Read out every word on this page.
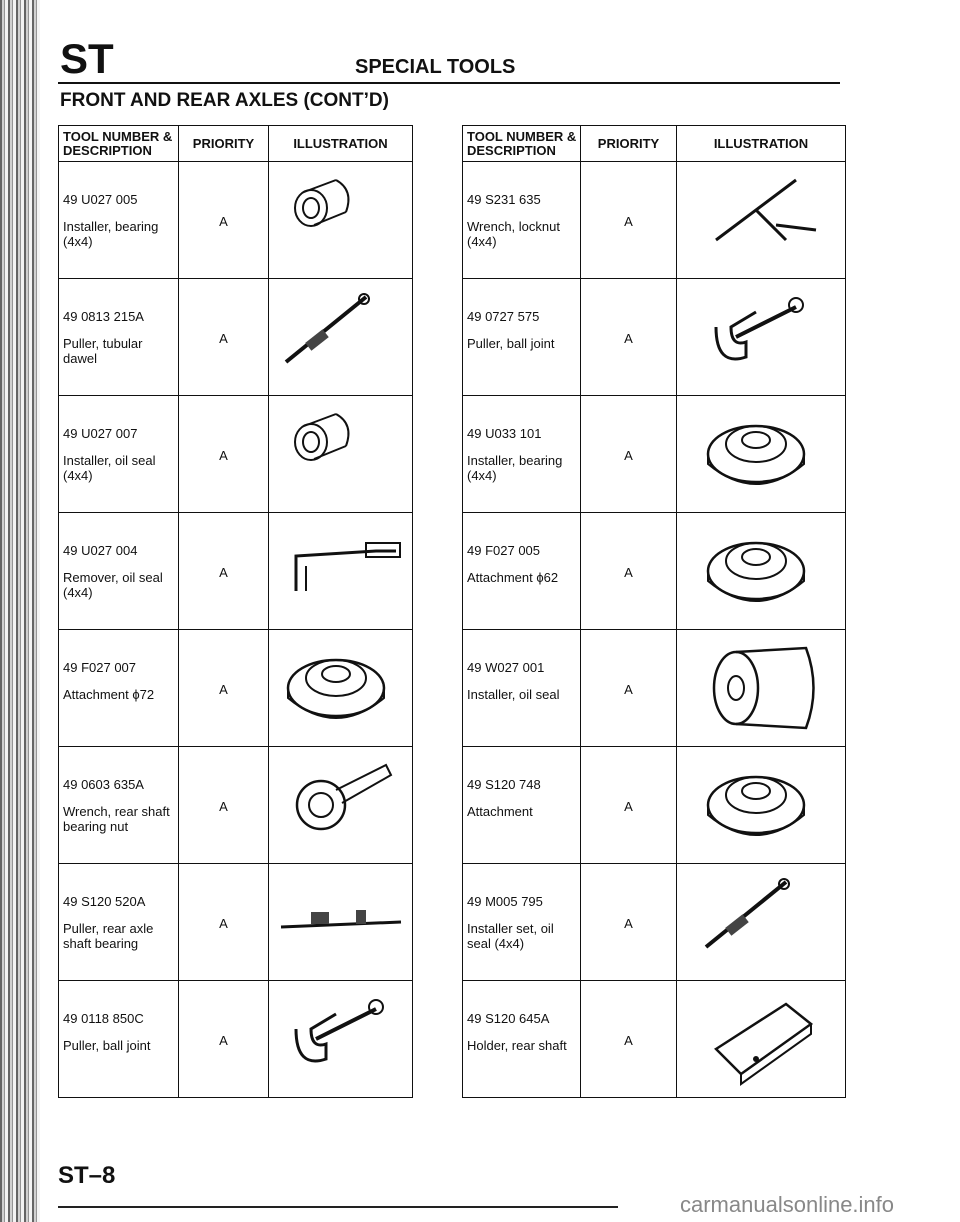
ST	SPECIAL TOOLS
FRONT AND REAR AXLES (CONT’D)
TOOL NUMBER & DESCRIPTION	PRIORITY	ILLUSTRATION

49 U027 005
Installer, bearing (4x4)	A

49 0813 215A
Puller, tubular dawel	A

49 U027 007
Installer, oil seal (4x4)	A

49 U027 004
Remover, oil seal (4x4)	A

49 F027 007
Attachment ϕ72	A

49 0603 635A
Wrench, rear shaft bearing nut	A

49 S120 520A
Puller, rear axle shaft bearing	A

49 0118 850C
Puller, ball joint	A

TOOL NUMBER & DESCRIPTION	PRIORITY	ILLUSTRATION

49 S231 635
Wrench, locknut (4x4)	A

49 0727 575
Puller, ball joint	A

49 U033 101
Installer, bearing (4x4)	A

49 F027 005
Attachment ϕ62	A

49 W027 001
Installer, oil seal	A

49 S120 748
Attachment	A

49 M005 795
Installer set, oil seal (4x4)	A

49 S120 645A
Holder, rear shaft	A

ST–8
carmanualsonline.info
